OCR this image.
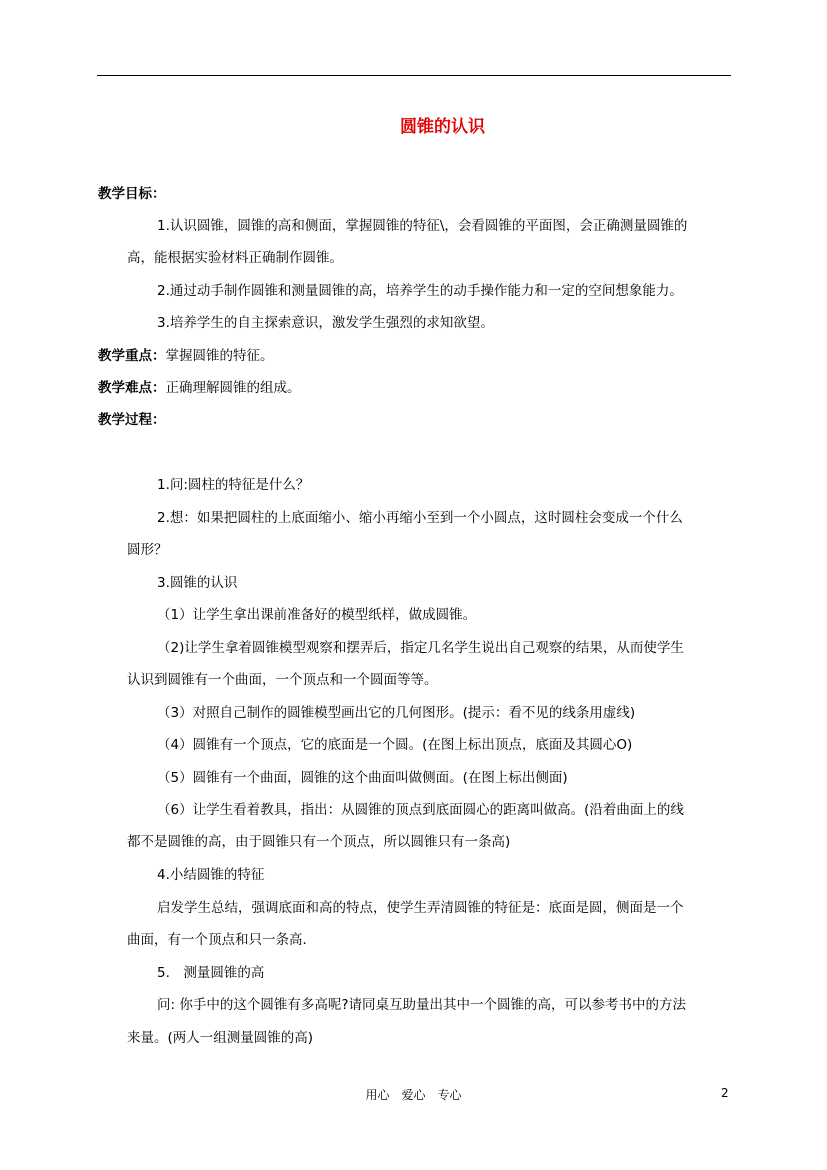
圆锥的认识
教学目标：
1.认识圆锥，圆锥的高和侧面，掌握圆锥的特征\，会看圆锥的平面图，会正确测量圆锥的
高，能根据实验材料正确制作圆锥。
2.通过动手制作圆锥和测量圆锥的高，培养学生的动手操作能力和一定的空间想象能力。
3.培养学生的自主探索意识，激发学生强烈的求知欲望。
教学重点：掌握圆锥的特征。
教学难点：正确理解圆锥的组成。
教学过程：
1.问:圆柱的特征是什么？
2.想：如果把圆柱的上底面缩小、缩小再缩小至到一个小圆点，这时圆柱会变成一个什么
圆形？
3.圆锥的认识
（1）让学生拿出课前准备好的模型纸样，做成圆锥。
（2)让学生拿着圆锥模型观察和摆弄后，指定几名学生说出自己观察的结果，从而使学生
认识到圆锥有一个曲面，一个顶点和一个圆面等等。
（3）对照自己制作的圆锥模型画出它的几何图形。(提示：看不见的线条用虚线)
（4）圆锥有一个顶点，它的底面是一个圆。(在图上标出顶点，底面及其圆心O)
（5）圆锥有一个曲面，圆锥的这个曲面叫做侧面。(在图上标出侧面)
（6）让学生看着教具，指出：从圆锥的顶点到底面圆心的距离叫做高。(沿着曲面上的线
都不是圆锥的高，由于圆锥只有一个顶点，所以圆锥只有一条高)
4.小结圆锥的特征
启发学生总结，强调底面和高的特点，使学生弄清圆锥的特征是：底面是圆，侧面是一个
曲面，有一个顶点和只一条高．
5.　测量圆锥的高
问: 你手中的这个圆锥有多高呢?请同桌互助量出其中一个圆锥的高，可以参考书中的方法
来量。(两人一组测量圆锥的高)
用心　爱心　专心	2
